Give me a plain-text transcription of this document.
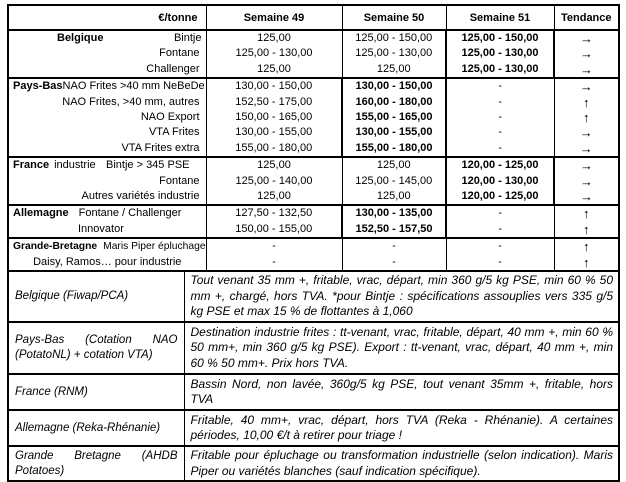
€/tonne	Semaine 49	Semaine 50	Semaine 51	Tendance

Belgique Bintje	125,00	125,00 - 150,00	125,00 - 150,00	→
Fontane	125,00 - 130,00	125,00 - 130,00	125,00 - 130,00	→
Challenger	125,00	125,00	125,00 - 130,00	→

Pays-Bas NAO Frites >40 mm NeBeDe	130,00 - 150,00	130,00 - 150,00	-	→
NAO Frites, >40 mm, autres	152,50 - 175,00	160,00 - 180,00	-	↑
NAO Export	150,00 - 165,00	155,00 - 165,00	-	↑
VTA Frites	130,00 - 155,00	130,00 - 155,00	-	→
VTA Frites extra	155,00 - 180,00	155,00 - 180,00	-	→

France industrie Bintje > 345 PSE	125,00	125,00	120,00 - 125,00	→
Fontane	125,00 - 140,00	125,00 - 145,00	120,00 - 130,00	→
Autres variétés industrie	125,00	125,00	120,00 - 125,00	→

Allemagne Fontane / Challenger	127,50 - 132,50	130,00 - 135,00	-	↑
Innovator	150,00 - 155,00	152,50 - 157,50	-	↑

Grande-Bretagne Maris Piper épluchage	-	-	-	↑
Daisy, Ramos… pour industrie	-	-	-	↑
Belgique (Fiwap/PCA)	Tout venant 35 mm +, fritable, vrac, départ, min 360 g/5 kg PSE, min 60 % 50 mm +, chargé, hors TVA. *pour Bintje : spécifications assouplies vers 335 g/5 kg PSE et max 15 % de flottantes à 1,060
Pays-Bas (Cotation NAO (PotatoNL) + cotation VTA)	Destination industrie frites : tt-venant, vrac, fritable, départ, 40 mm +, min 60 % 50 mm+, min 360 g/5 kg PSE). Export : tt-venant, vrac, départ, 40 mm +, min 60 % 50 mm+. Prix hors TVA.
France (RNM)	Bassin Nord, non lavée, 360g/5 kg PSE, tout venant 35mm +, fritable, hors TVA
Allemagne (Reka-Rhénanie)	Fritable, 40 mm+, vrac, départ, hors TVA (Reka - Rhénanie). A certaines périodes, 10,00 €/t à retirer pour triage !
Grande Bretagne (AHDB Potatoes)	Fritable pour épluchage ou transformation industrielle (selon indication). Maris Piper ou variétés blanches (sauf indication spécifique).
